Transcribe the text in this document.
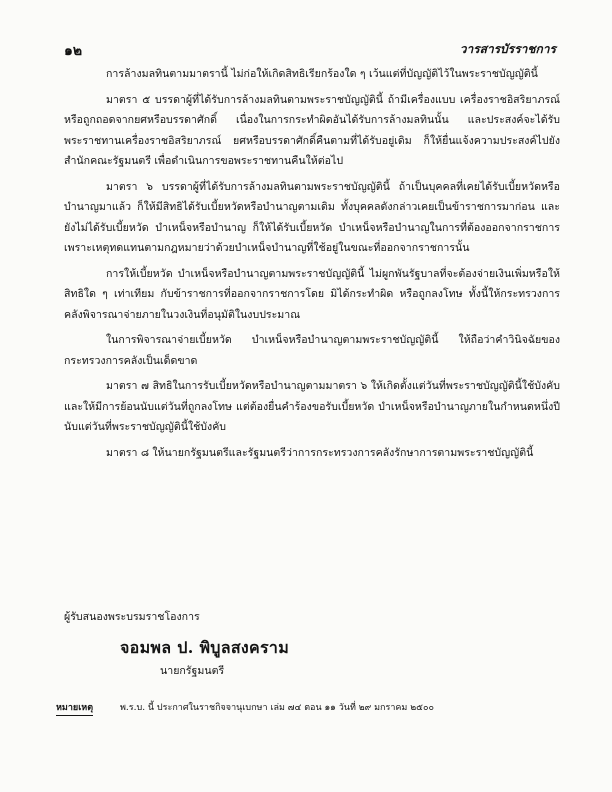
๑๒	วารสารบัรราชการ

การล้างมลทินตามมาตรานี้ ไม่ก่อให้เกิดสิทธิเรียกร้องใด ๆ เว้นแต่ที่บัญญัติไว้ในพระราชบัญญัตินี้

มาตรา ๕ บรรดาผู้ที่ได้รับการล้างมลทินตามพระราชบัญญัตินี้ ถ้ามีเครื่องแบบ เครื่องราชอิสริยาภรณ์ หรือถูกถอดจากยศหรือบรรดาศักดิ์ เนื่องในการกระทำผิดอันได้รับการล้างมลทินนั้น และประสงค์จะได้รับพระราชทานเครื่องราชอิสริยาภรณ์ ยศหรือบรรดาศักดิ์คืนตามที่ได้รับอยู่เดิม ก็ให้ยื่นแจ้งความประสงค์ไปยังสำนักคณะรัฐมนตรี เพื่อดำเนินการขอพระราชทานคืนให้ต่อไป

มาตรา ๖ บรรดาผู้ที่ได้รับการล้างมลทินตามพระราชบัญญัตินี้ ถ้าเป็นบุคคลที่เคยได้รับเบี้ยหวัดหรือบำนาญมาแล้ว ก็ให้มีสิทธิได้รับเบี้ยหวัดหรือบำนาญตามเดิม ทั้งบุคคลดังกล่าวเคยเป็นข้าราชการมาก่อน และยังไม่ได้รับเบี้ยหวัด บำเหน็จหรือบำนาญ ก็ให้ได้รับเบี้ยหวัด บำเหน็จหรือบำนาญในการที่ต้องออกจากราชการ เพราะเหตุทดแทนตามกฎหมายว่าด้วยบำเหน็จบำนาญที่ใช้อยู่ในขณะที่ออกจากราชการนั้น

การให้เบี้ยหวัด บำเหน็จหรือบำนาญตามพระราชบัญญัตินี้ ไม่ผูกพันรัฐบาลที่จะต้องจ่ายเงินเพิ่มหรือให้สิทธิใด ๆ เท่าเทียม กับข้าราชการที่ออกจากราชการโดย มิได้กระทำผิด หรือถูกลงโทษ ทั้งนี้ให้กระทรวงการคลังพิจารณาจ่ายภายในวงเงินที่อนุมัติในงบประมาณ

ในการพิจารณาจ่ายเบี้ยหวัด บำเหน็จหรือบำนาญตามพระราชบัญญัตินี้ ให้ถือว่าคำวินิจฉัยของกระทรวงการคลังเป็นเด็ดขาด

มาตรา ๗ สิทธิในการรับเบี้ยหวัดหรือบำนาญตามมาตรา ๖ ให้เกิดตั้งแต่วันที่พระราชบัญญัตินี้ใช้บังคับ และให้มีการย้อนนับแต่วันที่ถูกลงโทษ แต่ต้องยื่นคำร้องขอรับเบี้ยหวัด บำเหน็จหรือบำนาญภายในกำหนดหนึ่งปี นับแต่วันที่พระราชบัญญัตินี้ใช้บังคับ

มาตรา ๘ ให้นายกรัฐมนตรีและรัฐมนตรีว่าการกระทรวงการคลังรักษาการตามพระราชบัญญัตินี้

ผู้รับสนองพระบรมราชโองการ
จอมพล ป. พิบูลสงคราม
นายกรัฐมนตรี
หมายเหตุ	พ.ร.บ. นี้ ประกาศในราชกิจจานุเบกษา เล่ม ๗๔ ตอน ๑๑ วันที่ ๒๙ มกราคม ๒๕๐๐
